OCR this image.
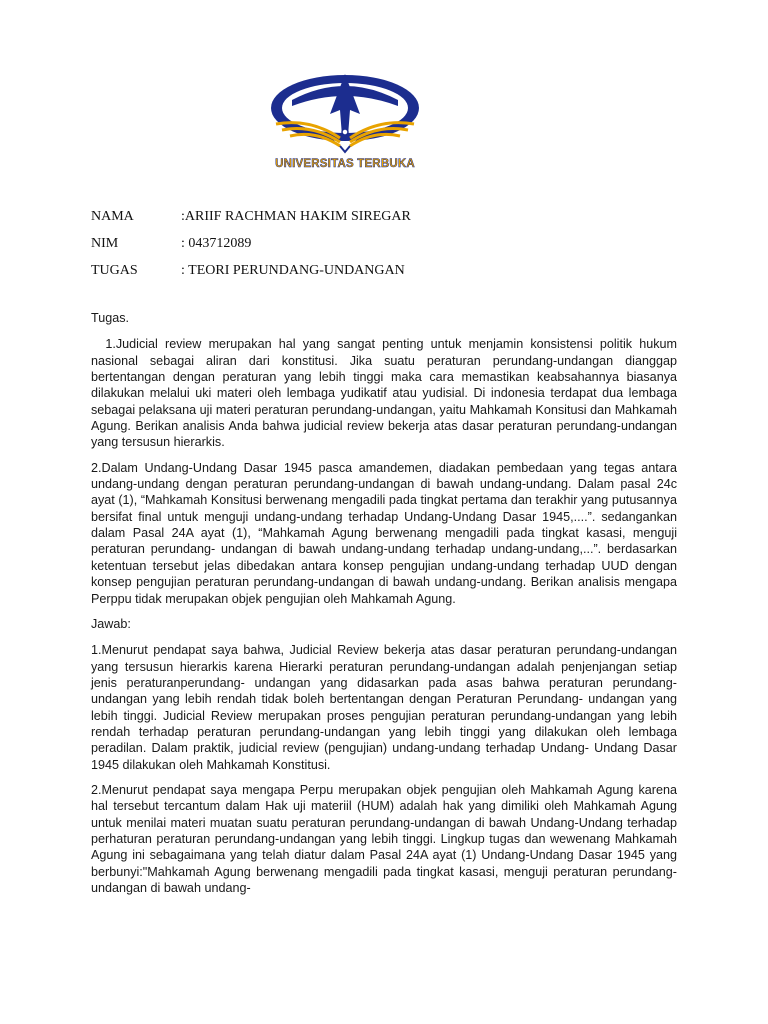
UNIVERSITAS TERBUKA
NAMA	:ARIIF RACHMAN HAKIM SIREGAR
NIM	: 043712089
TUGAS	: TEORI PERUNDANG-UNDANGAN

Tugas.

1.Judicial review merupakan hal yang sangat penting untuk menjamin konsistensi politik hukum nasional sebagai aliran dari konstitusi. Jika suatu peraturan perundang-undangan dianggap bertentangan dengan peraturan yang lebih tinggi maka cara memastikan keabsahannya biasanya dilakukan melalui uki materi oleh lembaga yudikatif atau yudisial. Di indonesia terdapat dua lembaga sebagai pelaksana uji materi peraturan perundang-undangan, yaitu Mahkamah Konsitusi dan Mahkamah Agung. Berikan analisis Anda bahwa judicial review bekerja atas dasar peraturan perundang-undangan yang tersusun hierarkis.

2.Dalam Undang-Undang Dasar 1945 pasca amandemen, diadakan pembedaan yang tegas antara undang-undang dengan peraturan perundang-undangan di bawah undang-undang. Dalam pasal 24c ayat (1), “Mahkamah Konsitusi berwenang mengadili pada tingkat pertama dan terakhir yang putusannya bersifat final untuk menguji undang-undang terhadap Undang-Undang Dasar 1945,....”. sedangankan dalam Pasal 24A ayat (1), “Mahkamah Agung berwenang mengadili pada tingkat kasasi, menguji peraturan perundang- undangan di bawah undang-undang terhadap undang-undang,...”. berdasarkan ketentuan tersebut jelas dibedakan antara konsep pengujian undang-undang terhadap UUD dengan konsep pengujian peraturan perundang-undangan di bawah undang-undang. Berikan analisis mengapa Perppu tidak merupakan objek pengujian oleh Mahkamah Agung.

Jawab:

1.Menurut pendapat saya bahwa, Judicial Review bekerja atas dasar peraturan perundang-undangan yang tersusun hierarkis karena Hierarki peraturan perundang-undangan adalah penjenjangan setiap jenis peraturanperundang- undangan yang didasarkan pada asas bahwa peraturan perundang-undangan yang lebih rendah tidak boleh bertentangan dengan Peraturan Perundang- undangan yang lebih tinggi. Judicial Review merupakan proses pengujian peraturan perundang-undangan yang lebih rendah terhadap peraturan perundang-undangan yang lebih tinggi yang dilakukan oleh lembaga peradilan. Dalam praktik, judicial review (pengujian) undang-undang terhadap Undang- Undang Dasar 1945 dilakukan oleh Mahkamah Konstitusi.

2.Menurut pendapat saya mengapa Perpu merupakan objek pengujian oleh Mahkamah Agung karena hal tersebut tercantum dalam Hak uji materiil (HUM) adalah hak yang dimiliki oleh Mahkamah Agung untuk menilai materi muatan suatu peraturan perundang-undangan di bawah Undang-Undang terhadap perhaturan peraturan perundang-undangan yang lebih tinggi. Lingkup tugas dan wewenang Mahkamah Agung ini sebagaimana yang telah diatur dalam Pasal 24A ayat (1) Undang-Undang Dasar 1945 yang berbunyi:"Mahkamah Agung berwenang mengadili pada tingkat kasasi, menguji peraturan perundang- undangan di bawah undang-
